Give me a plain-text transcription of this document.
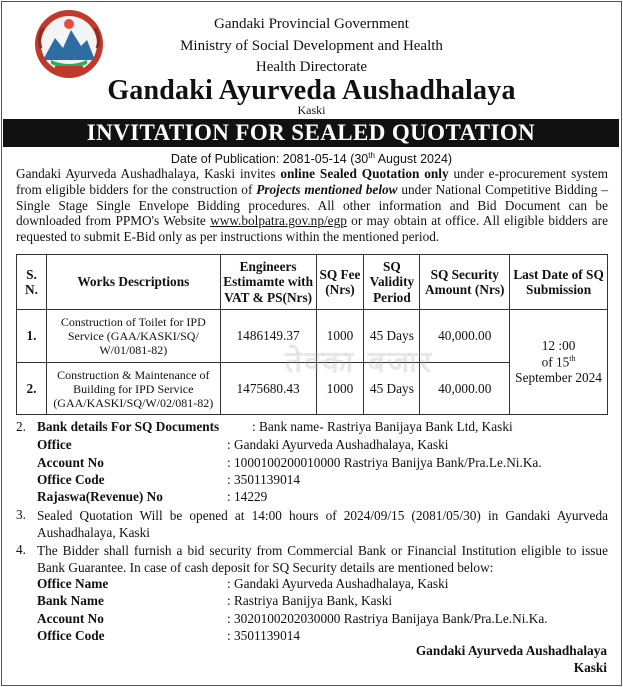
Gandaki Provincial Government
Ministry of Social Development and Health
Health Directorate
Gandaki Ayurveda Aushadhalaya
Kaski
INVITATION FOR SEALED QUOTATION
Date of Publication: 2081-05-14 (30th August 2024)
Gandaki Ayurveda Aushadhalaya, Kaski invites online Sealed Quotation only under e-procurement system from eligible bidders for the construction of Projects mentioned below under National Competitive Bidding – Single Stage Single Envelope Bidding procedures. All other information and Bid Document can be downloaded from PPMO's Website www.bolpatra.gov.np/egp or may obtain at office. All eligible bidders are requested to submit E-Bid only as per instructions within the mentioned period.
S. N.	Works Descriptions	Engineers Estimamte with VAT & PS(Nrs)	SQ Fee (Nrs)	SQ Validity Period	SQ Security Amount (Nrs)	Last Date of SQ Submission
1.	Construction of Toilet for IPD Service (GAA/KASKI/SQ/ W/01/081-82)	1486149.37	1000	45 Days	40,000.00	12 :00
of 15th
September 2024

2.	Construction & Maintenance of Building for IPD Service (GAA/KASKI/SQ/W/02/081-82)	1475680.43	1000	45 Days	40,000.00	
तेक्का बजार
2. Bank details For SQ Documents : Bank name- Rastriya Banijaya Bank Ltd, Kaski
Office	: Gandaki Ayurveda Aushadhalaya, Kaski
Account No	: 1000100200010000 Rastriya Banijya Bank/Pra.Le.Ni.Ka.
Office Code	: 3501139014
Rajaswa(Revenue) No	: 14229
3. Sealed Quotation Will be opened at 14:00 hours of 2024/09/15 (2081/05/30) in Gandaki Ayurveda Aushadhalaya, Kaski
4. The Bidder shall furnish a bid security from Commercial Bank or Financial Institution eligible to issue Bank Guarantee. In case of cash deposit for SQ Security details are mentioned below:
Office Name	: Gandaki Ayurveda Aushadhalaya, Kaski
Bank Name	: Rastriya Banijya Bank, Kaski
Account No	: 3020100202030000 Rastriya Banijaya Bank/Pra.Le.Ni.Ka.
Office Code	: 3501139014
Gandaki Ayurveda Aushadhalaya
Kaski
